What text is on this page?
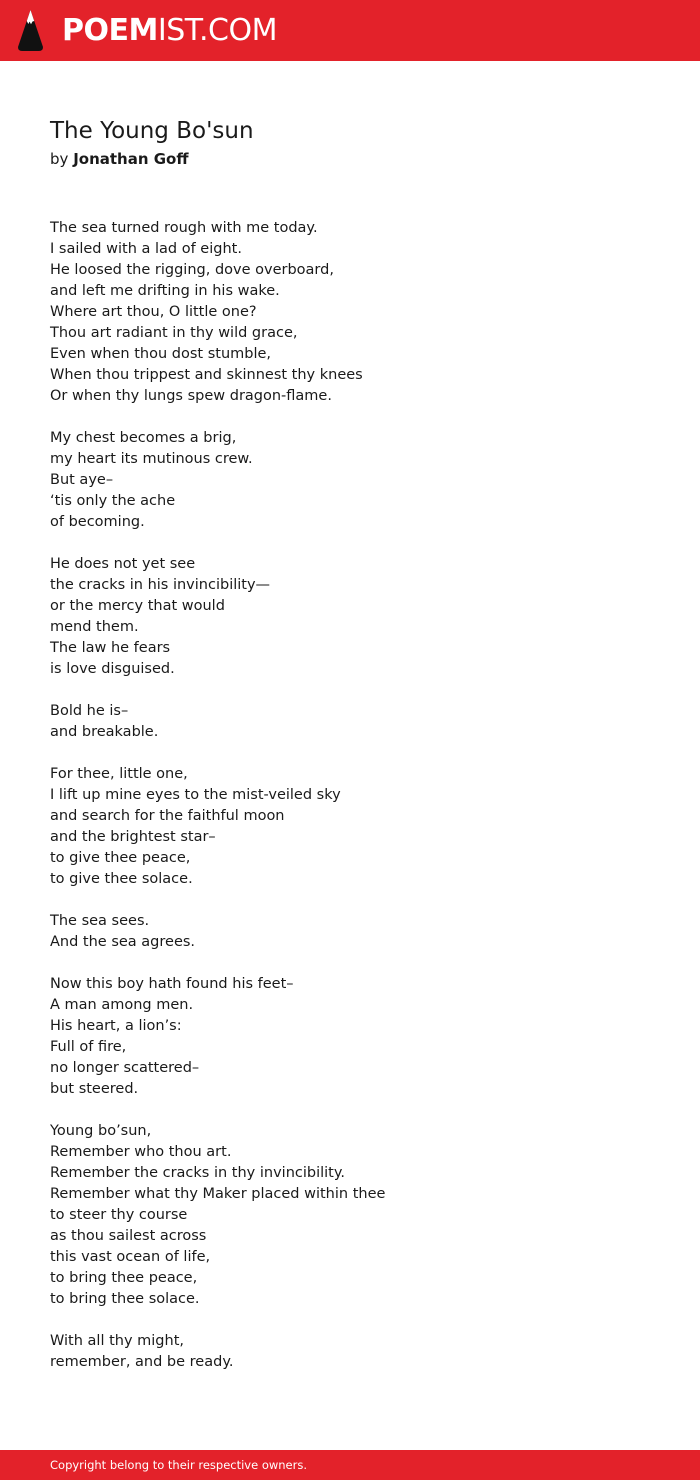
POEMIST.COM
The Young Bo'sun
by Jonathan Goff
The sea turned rough with me today.
I sailed with a lad of eight.
He loosed the rigging, dove overboard,
and left me drifting in his wake.
Where art thou, O little one?
Thou art radiant in thy wild grace,
Even when thou dost stumble,
When thou trippest and skinnest thy knees
Or when thy lungs spew dragon-flame.
My chest becomes a brig,
my heart its mutinous crew.
But aye–
‘tis only the ache
of becoming.
He does not yet see
the cracks in his invincibility—
or the mercy that would
mend them.
The law he fears
is love disguised.
Bold he is–
and breakable.
For thee, little one,
I lift up mine eyes to the mist-veiled sky
and search for the faithful moon
and the brightest star–
to give thee peace,
to give thee solace.
The sea sees.
And the sea agrees.
Now this boy hath found his feet–
A man among men.
His heart, a lion’s:
Full of fire,
no longer scattered–
but steered.
Young bo’sun,
Remember who thou art.
Remember the cracks in thy invincibility.
Remember what thy Maker placed within thee
to steer thy course
as thou sailest across
this vast ocean of life,
to bring thee peace,
to bring thee solace.
With all thy might,
remember, and be ready.
Copyright belong to their respective owners.
